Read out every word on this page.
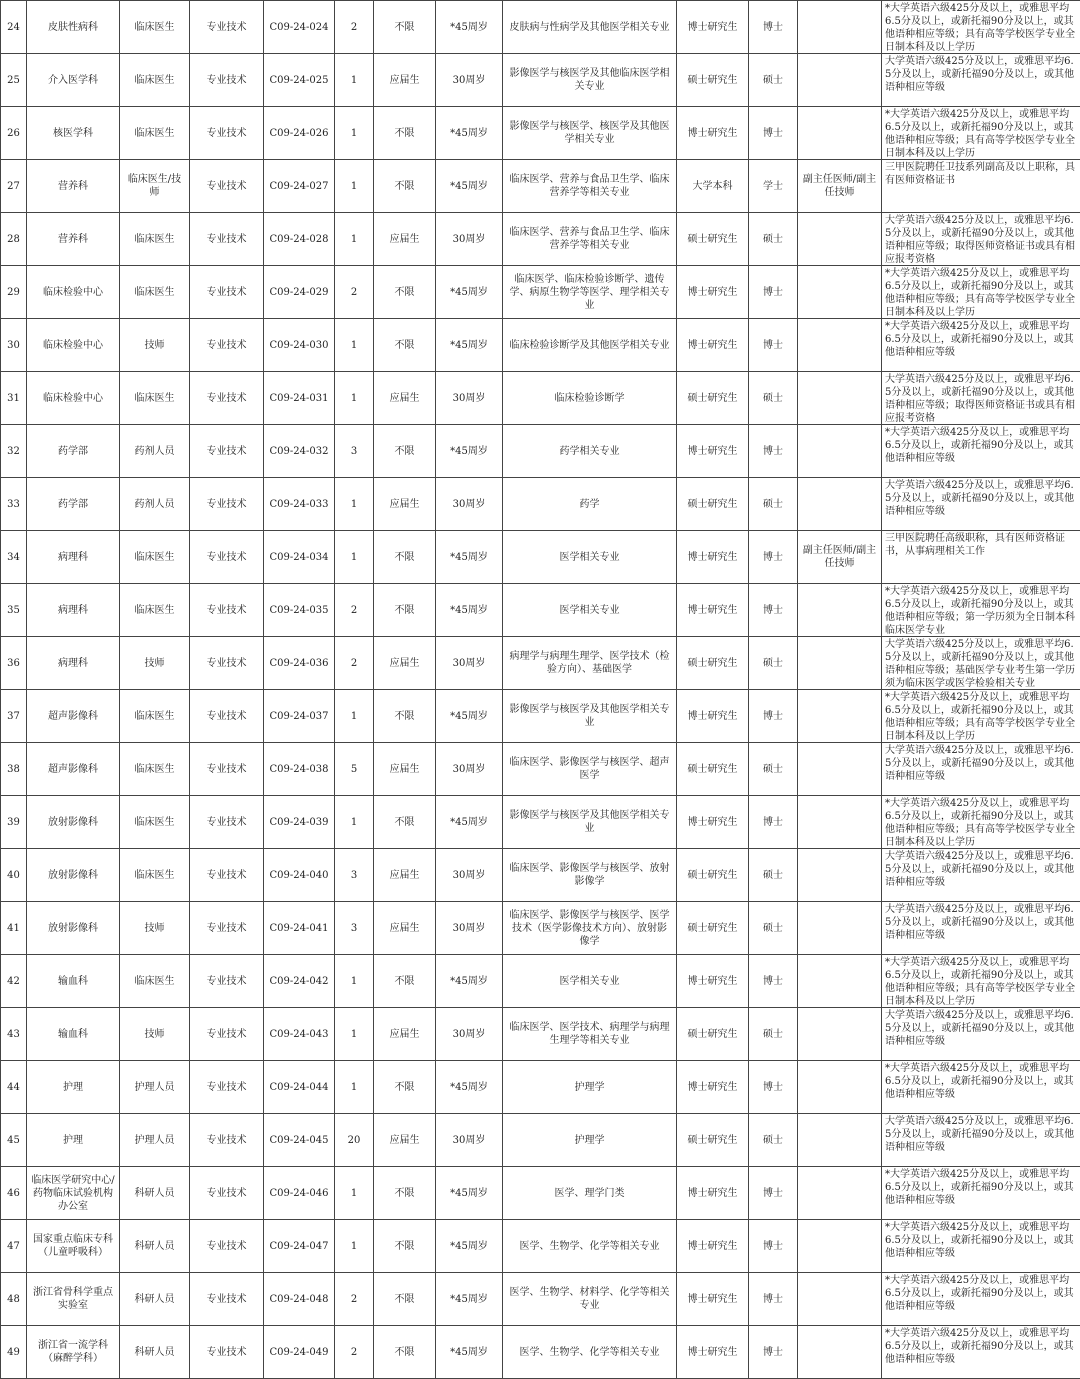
24	皮肤性病科	临床医生	专业技术	C09-24-024	2	不限	*45周岁	皮肤病与性病学及其他医学相关专业	博士研究生	博士		*大学英语六级425分及以上，或雅思平均6.5分及以上，或新托福90分及以上，或其他语种相应等级；具有高等学校医学专业全日制本科及以上学历

25	介入医学科	临床医生	专业技术	C09-24-025	1	应届生	30周岁	影像医学与核医学及其他临床医学相关专业	硕士研究生	硕士		大学英语六级425分及以上，或雅思平均6.5分及以上，或新托福90分及以上，或其他语种相应等级

26	核医学科	临床医生	专业技术	C09-24-026	1	不限	*45周岁	影像医学与核医学、核医学及其他医学相关专业	博士研究生	博士		*大学英语六级425分及以上，或雅思平均6.5分及以上，或新托福90分及以上，或其他语种相应等级；具有高等学校医学专业全日制本科及以上学历

27	营养科	临床医生/技师	专业技术	C09-24-027	1	不限	*45周岁	临床医学、营养与食品卫生学、临床营养学等相关专业	大学本科	学士	副主任医师/副主任技师	三甲医院聘任卫技系列副高及以上职称，具有医师资格证书

28	营养科	临床医生	专业技术	C09-24-028	1	应届生	30周岁	临床医学、营养与食品卫生学、临床营养学等相关专业	硕士研究生	硕士		大学英语六级425分及以上，或雅思平均6.5分及以上，或新托福90分及以上，或其他语种相应等级；取得医师资格证书或具有相应报考资格

29	临床检验中心	临床医生	专业技术	C09-24-029	2	不限	*45周岁	临床医学、临床检验诊断学、遗传学、病原生物学等医学、理学相关专业	博士研究生	博士		*大学英语六级425分及以上，或雅思平均6.5分及以上，或新托福90分及以上，或其他语种相应等级；具有高等学校医学专业全日制本科及以上学历

30	临床检验中心	技师	专业技术	C09-24-030	1	不限	*45周岁	临床检验诊断学及其他医学相关专业	博士研究生	博士		*大学英语六级425分及以上，或雅思平均6.5分及以上，或新托福90分及以上，或其他语种相应等级

31	临床检验中心	临床医生	专业技术	C09-24-031	1	应届生	30周岁	临床检验诊断学	硕士研究生	硕士		大学英语六级425分及以上，或雅思平均6.5分及以上，或新托福90分及以上，或其他语种相应等级；取得医师资格证书或具有相应报考资格

32	药学部	药剂人员	专业技术	C09-24-032	3	不限	*45周岁	药学相关专业	博士研究生	博士		*大学英语六级425分及以上，或雅思平均6.5分及以上，或新托福90分及以上，或其他语种相应等级

33	药学部	药剂人员	专业技术	C09-24-033	1	应届生	30周岁	药学	硕士研究生	硕士		大学英语六级425分及以上，或雅思平均6.5分及以上，或新托福90分及以上，或其他语种相应等级

34	病理科	临床医生	专业技术	C09-24-034	1	不限	*45周岁	医学相关专业	博士研究生	博士	副主任医师/副主任技师	三甲医院聘任高级职称，具有医师资格证书，从事病理相关工作

35	病理科	临床医生	专业技术	C09-24-035	2	不限	*45周岁	医学相关专业	博士研究生	博士		*大学英语六级425分及以上，或雅思平均6.5分及以上，或新托福90分及以上，或其他语种相应等级；第一学历须为全日制本科临床医学专业

36	病理科	技师	专业技术	C09-24-036	2	应届生	30周岁	病理学与病理生理学、医学技术（检验方向）、基础医学	硕士研究生	硕士		大学英语六级425分及以上，或雅思平均6.5分及以上，或新托福90分及以上，或其他语种相应等级；基础医学专业考生第一学历须为临床医学或医学检验相关专业

37	超声影像科	临床医生	专业技术	C09-24-037	1	不限	*45周岁	影像医学与核医学及其他医学相关专业	博士研究生	博士		*大学英语六级425分及以上，或雅思平均6.5分及以上，或新托福90分及以上，或其他语种相应等级；具有高等学校医学专业全日制本科及以上学历

38	超声影像科	临床医生	专业技术	C09-24-038	5	应届生	30周岁	临床医学、影像医学与核医学、超声医学	硕士研究生	硕士		大学英语六级425分及以上，或雅思平均6.5分及以上，或新托福90分及以上，或其他语种相应等级

39	放射影像科	临床医生	专业技术	C09-24-039	1	不限	*45周岁	影像医学与核医学及其他医学相关专业	博士研究生	博士		*大学英语六级425分及以上，或雅思平均6.5分及以上，或新托福90分及以上，或其他语种相应等级；具有高等学校医学专业全日制本科及以上学历

40	放射影像科	临床医生	专业技术	C09-24-040	3	应届生	30周岁	临床医学、影像医学与核医学、放射影像学	硕士研究生	硕士		大学英语六级425分及以上，或雅思平均6.5分及以上，或新托福90分及以上，或其他语种相应等级

41	放射影像科	技师	专业技术	C09-24-041	3	应届生	30周岁	临床医学、影像医学与核医学、医学技术（医学影像技术方向）、放射影像学	硕士研究生	硕士		大学英语六级425分及以上，或雅思平均6.5分及以上，或新托福90分及以上，或其他语种相应等级

42	输血科	临床医生	专业技术	C09-24-042	1	不限	*45周岁	医学相关专业	博士研究生	博士		*大学英语六级425分及以上，或雅思平均6.5分及以上，或新托福90分及以上，或其他语种相应等级；具有高等学校医学专业全日制本科及以上学历

43	输血科	技师	专业技术	C09-24-043	1	应届生	30周岁	临床医学、医学技术、病理学与病理生理学等相关专业	硕士研究生	硕士		大学英语六级425分及以上，或雅思平均6.5分及以上，或新托福90分及以上，或其他语种相应等级

44	护理	护理人员	专业技术	C09-24-044	1	不限	*45周岁	护理学	博士研究生	博士		*大学英语六级425分及以上，或雅思平均6.5分及以上，或新托福90分及以上，或其他语种相应等级

45	护理	护理人员	专业技术	C09-24-045	20	应届生	30周岁	护理学	硕士研究生	硕士		大学英语六级425分及以上，或雅思平均6.5分及以上，或新托福90分及以上，或其他语种相应等级

46	临床医学研究中心/药物临床试验机构办公室	科研人员	专业技术	C09-24-046	1	不限	*45周岁	医学、理学门类	博士研究生	博士		*大学英语六级425分及以上，或雅思平均6.5分及以上，或新托福90分及以上，或其他语种相应等级

47	国家重点临床专科（儿童呼吸科）	科研人员	专业技术	C09-24-047	1	不限	*45周岁	医学、生物学、化学等相关专业	博士研究生	博士		*大学英语六级425分及以上，或雅思平均6.5分及以上，或新托福90分及以上，或其他语种相应等级

48	浙江省骨科学重点实验室	科研人员	专业技术	C09-24-048	2	不限	*45周岁	医学、生物学、材料学、化学等相关专业	博士研究生	博士		*大学英语六级425分及以上，或雅思平均6.5分及以上，或新托福90分及以上，或其他语种相应等级

49	浙江省一流学科（麻醉学科）	科研人员	专业技术	C09-24-049	2	不限	*45周岁	医学、生物学、化学等相关专业	博士研究生	博士		*大学英语六级425分及以上，或雅思平均6.5分及以上，或新托福90分及以上，或其他语种相应等级
